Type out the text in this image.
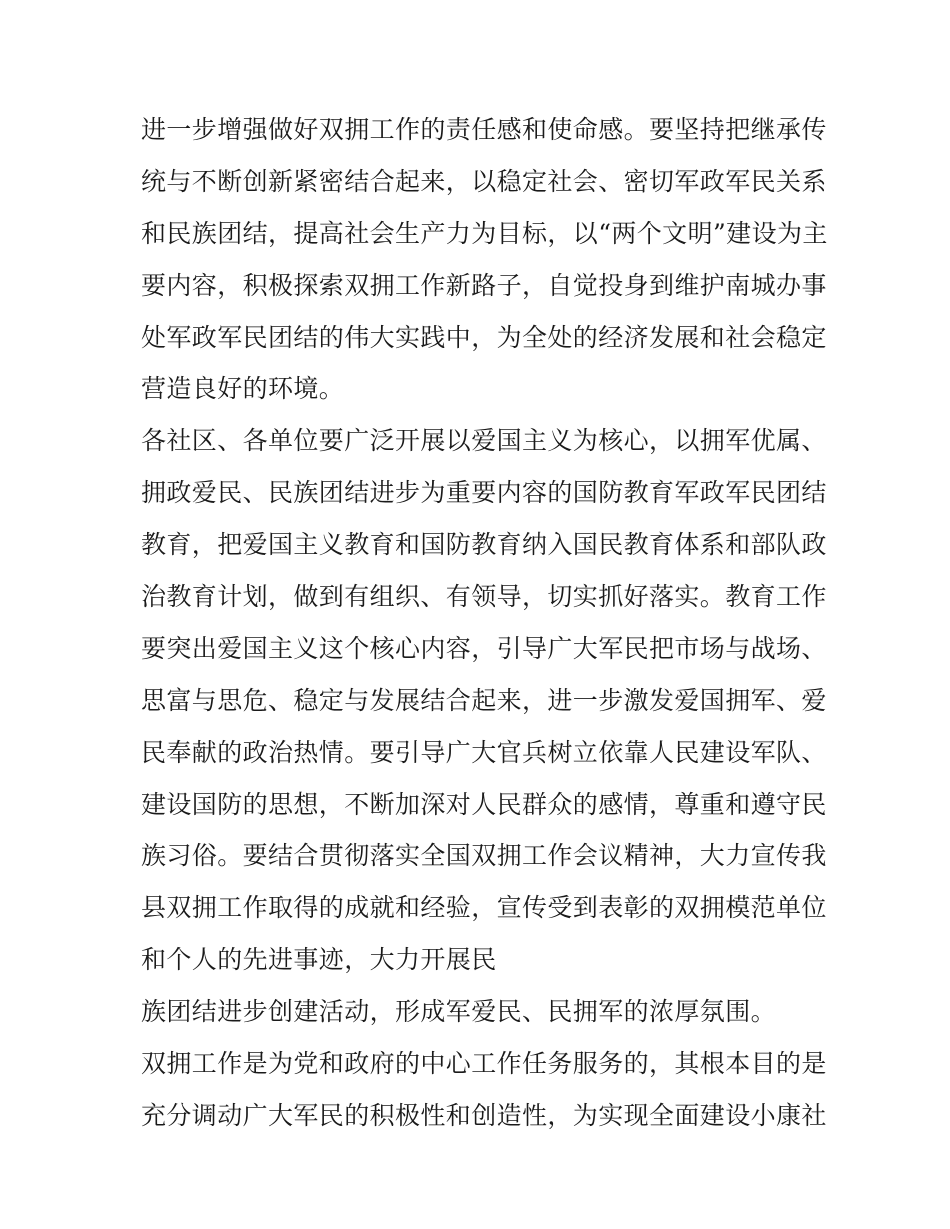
进一步增强做好双拥工作的责任感和使命感。要坚持把继承传
统与不断创新紧密结合起来，以稳定社会、密切军政军民关系
和民族团结，提高社会生产力为目标，以“两个文明”建设为主
要内容，积极探索双拥工作新路子，自觉投身到维护南城办事
处军政军民团结的伟大实践中，为全处的经济发展和社会稳定
营造良好的环境。
各社区、各单位要广泛开展以爱国主义为核心，以拥军优属、
拥政爱民、民族团结进步为重要内容的国防教育军政军民团结
教育，把爱国主义教育和国防教育纳入国民教育体系和部队政
治教育计划，做到有组织、有领导，切实抓好落实。教育工作
要突出爱国主义这个核心内容，引导广大军民把市场与战场、
思富与思危、稳定与发展结合起来，进一步激发爱国拥军、爱
民奉献的政治热情。要引导广大官兵树立依靠人民建设军队、
建设国防的思想，不断加深对人民群众的感情，尊重和遵守民
族习俗。要结合贯彻落实全国双拥工作会议精神，大力宣传我
县双拥工作取得的成就和经验，宣传受到表彰的双拥模范单位
和个人的先进事迹，大力开展民
族团结进步创建活动，形成军爱民、民拥军的浓厚氛围。
双拥工作是为党和政府的中心工作任务服务的，其根本目的是
充分调动广大军民的积极性和创造性，为实现全面建设小康社
